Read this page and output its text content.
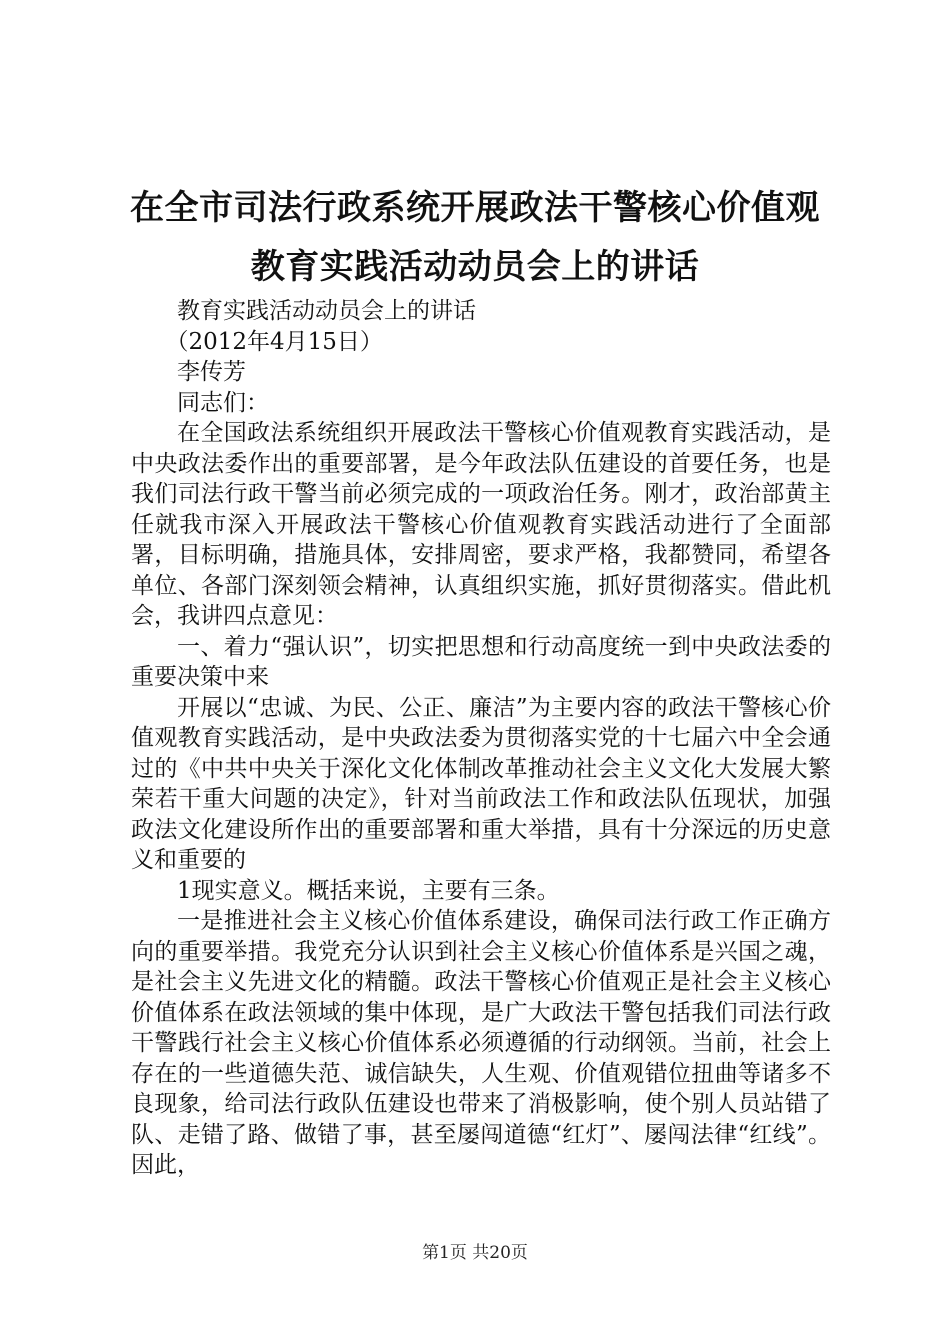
在全市司法行政系统开展政法干警核心价值观
教育实践活动动员会上的讲话

教育实践活动动员会上的讲话

（2012年4月15日）

李传芳

同志们：

在全国政法系统组织开展政法干警核心价值观教育实践活动，是中央政法委作出的重要部署，是今年政法队伍建设的首要任务，也是我们司法行政干警当前必须完成的一项政治任务。刚才，政治部黄主任就我市深入开展政法干警核心价值观教育实践活动进行了全面部署，目标明确，措施具体，安排周密，要求严格，我都赞同，希望各单位、各部门深刻领会精神，认真组织实施，抓好贯彻落实。借此机会，我讲四点意见：

一、着力“强认识”，切实把思想和行动高度统一到中央政法委的重要决策中来

开展以“忠诚、为民、公正、廉洁”为主要内容的政法干警核心价值观教育实践活动，是中央政法委为贯彻落实党的十七届六中全会通过的《中共中央关于深化文化体制改革推动社会主义文化大发展大繁荣若干重大问题的决定》，针对当前政法工作和政法队伍现状，加强政法文化建设所作出的重要部署和重大举措，具有十分深远的历史意义和重要的

1现实意义。概括来说，主要有三条。

一是推进社会主义核心价值体系建设，确保司法行政工作正确方向的重要举措。我党充分认识到社会主义核心价值体系是兴国之魂，是社会主义先进文化的精髓。政法干警核心价值观正是社会主义核心价值体系在政法领域的集中体现，是广大政法干警包括我们司法行政干警践行社会主义核心价值体系必须遵循的行动纲领。当前，社会上存在的一些道德失范、诚信缺失，人生观、价值观错位扭曲等诸多不良现象，给司法行政队伍建设也带来了消极影响，使个别人员站错了队、走错了路、做错了事，甚至屡闯道德“红灯”、屡闯法律“红线”。因此，

第1页 共20页
